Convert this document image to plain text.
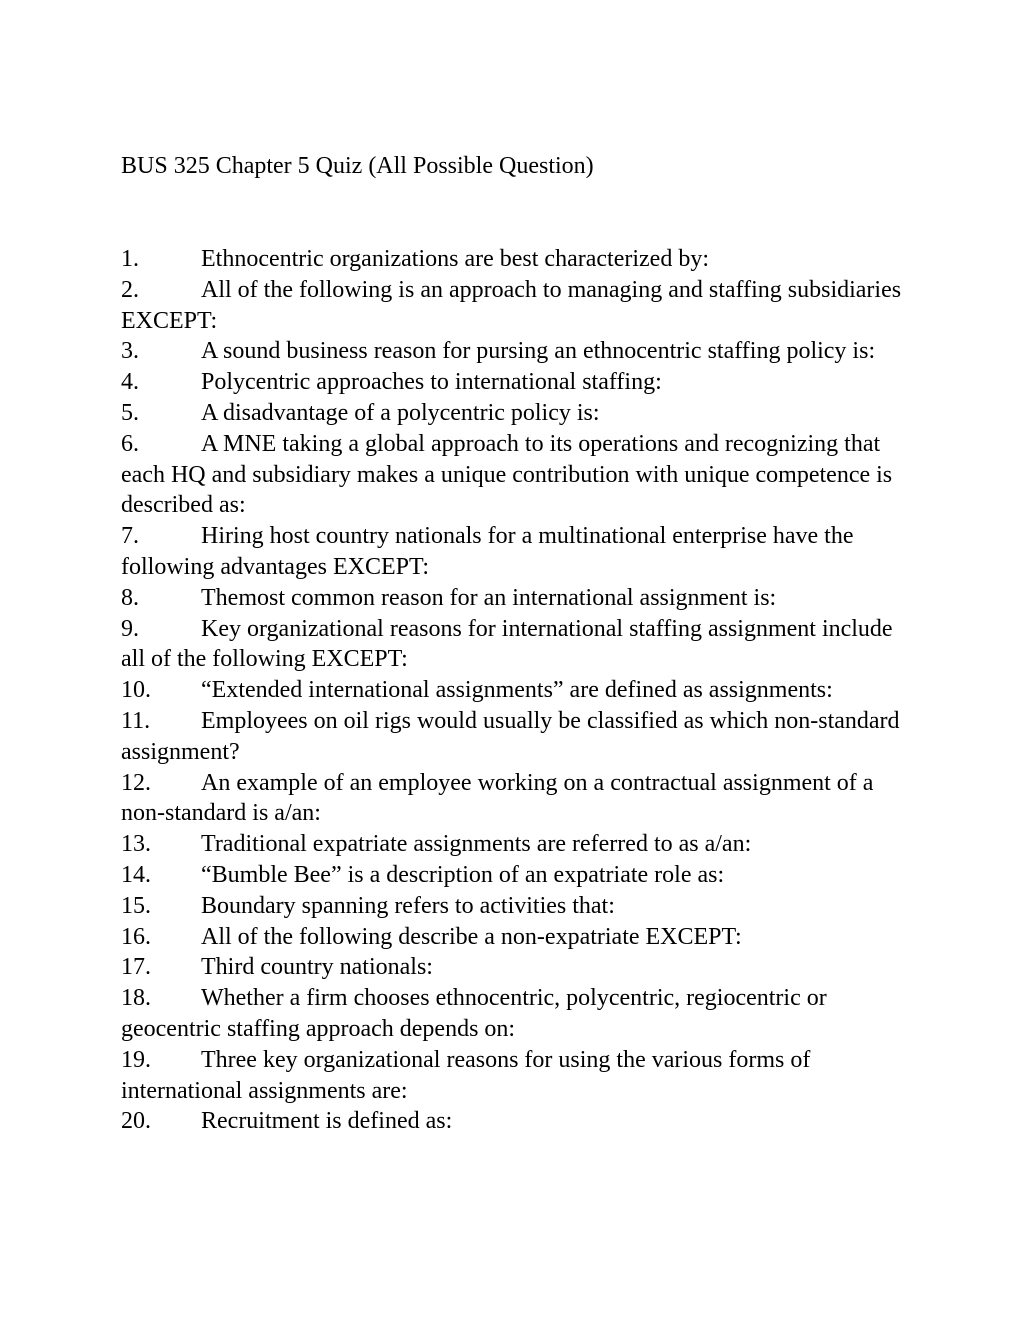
BUS 325 Chapter 5 Quiz (All Possible Question)
1.	Ethnocentric organizations are best characterized by:
2.	All of the following is an approach to managing and staffing subsidiaries EXCEPT:
3.	A sound business reason for pursing an ethnocentric staffing policy is:
4.	Polycentric approaches to international staffing:
5.	A disadvantage of a polycentric policy is:
6.	A MNE taking a global approach to its operations and recognizing that each HQ and subsidiary makes a unique contribution with unique competence is described as:
7.	Hiring host country nationals for a multinational enterprise have the following advantages EXCEPT:
8.	Themost common reason for an international assignment is:
9.	Key organizational reasons for international staffing assignment include all of the following EXCEPT:
10. “Extended international assignments” are defined as assignments:
11. Employees on oil rigs would usually be classified as which non-standard assignment?
12. An example of an employee working on a contractual assignment of a non-standard is a/an:
13. Traditional expatriate assignments are referred to as a/an:
14. “Bumble Bee” is a description of an expatriate role as:
15. Boundary spanning refers to activities that:
16. All of the following describe a non-expatriate EXCEPT:
17. Third country nationals:
18. Whether a firm chooses ethnocentric, polycentric, regiocentric or geocentric staffing approach depends on:
19. Three key organizational reasons for using the various forms of international assignments are:
20. Recruitment is defined as:
